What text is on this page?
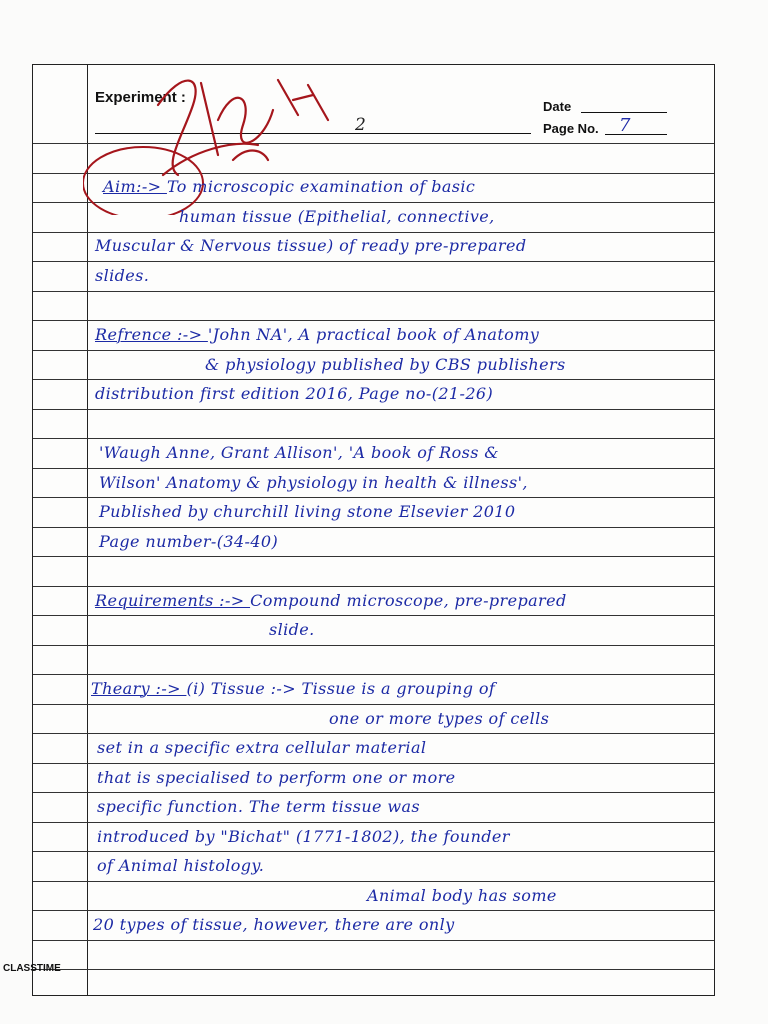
Experiment :
Date
Page No. 7
2
Aim:-> To microscopic examination of basic
human tissue (Epithelial, connective,
Muscular & Nervous tissue) of ready pre-prepared
slides.
Refrence :-> 'John NA', A practical book of Anatomy
& physiology published by CBS publishers
distribution first edition 2016, Page no-(21-26)
'Waugh Anne, Grant Allison', 'A book of Ross &
Wilson' Anatomy & physiology in health & illness',
Published by churchill living stone Elsevier 2010
Page number-(34-40)
Requirements :-> Compound microscope, pre-prepared
slide.
Theary :-> (i) Tissue :-> Tissue is a grouping of
one or more types of cells
set in a specific extra cellular material
that is specialised to perform one or more
specific function. The term tissue was
introduced by "Bichat" (1771-1802), the founder
of Animal histology.
Animal body has some
20 types of tissue, however, there are only
CLASSTIME
